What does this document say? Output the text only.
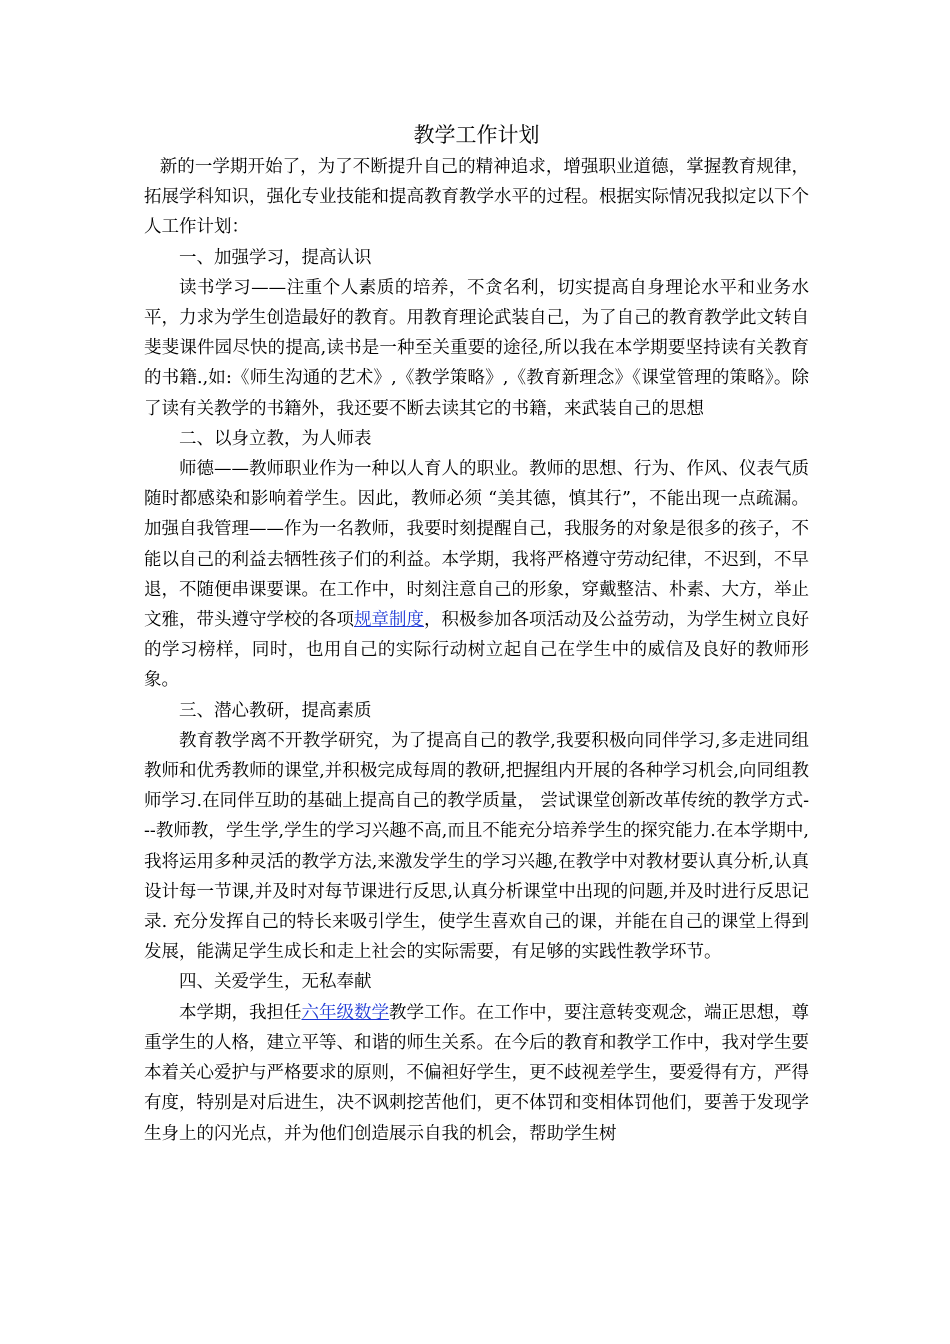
教学工作计划

新的一学期开始了，为了不断提升自己的精神追求，增强职业道德，掌握教育规律，拓展学科知识，强化专业技能和提高教育教学水平的过程。根据实际情况我拟定以下个人工作计划：

一、加强学习，提高认识

读书学习——注重个人素质的培养，不贪名利，切实提高自身理论水平和业务水平，力求为学生创造最好的教育。用教育理论武装自己，为了自己的教育教学此文转自斐斐课件园尽快的提高,读书是一种至关重要的途径,所以我在本学期要坚持读有关教育的书籍.,如:《师生沟通的艺术》,《教学策略》,《教育新理念》《课堂管理的策略》。除了读有关教学的书籍外，我还要不断去读其它的书籍，来武装自己的思想

二、以身立教，为人师表

师德——教师职业作为一种以人育人的职业。教师的思想、行为、作风、仪表气质随时都感染和影响着学生。因此，教师必须 “美其德，慎其行”，不能出现一点疏漏。加强自我管理——作为一名教师，我要时刻提醒自己，我服务的对象是很多的孩子，不能以自己的利益去牺牲孩子们的利益。本学期，我将严格遵守劳动纪律，不迟到，不早退，不随便串课要课。在工作中，时刻注意自己的形象，穿戴整洁、朴素、大方，举止文雅，带头遵守学校的各项规章制度，积极参加各项活动及公益劳动，为学生树立良好的学习榜样，同时，也用自己的实际行动树立起自己在学生中的威信及良好的教师形象。

三、潜心教研，提高素质

教育教学离不开教学研究，为了提高自己的教学,我要积极向同伴学习,多走进同组教师和优秀教师的课堂,并积极完成每周的教研,把握组内开展的各种学习机会,向同组教师学习.在同伴互助的基础上提高自己的教学质量， 尝试课堂创新改革传统的教学方式---教师教，学生学,学生的学习兴趣不高,而且不能充分培养学生的探究能力.在本学期中,我将运用多种灵活的教学方法,来激发学生的学习兴趣,在教学中对教材要认真分析,认真设计每一节课,并及时对每节课进行反思,认真分析课堂中出现的问题,并及时进行反思记录. 充分发挥自己的特长来吸引学生，使学生喜欢自己的课，并能在自己的课堂上得到发展，能满足学生成长和走上社会的实际需要，有足够的实践性教学环节。

四、关爱学生，无私奉献

本学期，我担任六年级数学教学工作。在工作中，要注意转变观念，端正思想，尊重学生的人格，建立平等、和谐的师生关系。在今后的教育和教学工作中，我对学生要本着关心爱护与严格要求的原则，不偏袒好学生，更不歧视差学生，要爱得有方，严得有度，特别是对后进生，决不讽刺挖苦他们，更不体罚和变相体罚他们，要善于发现学生身上的闪光点，并为他们创造展示自我的机会，帮助学生树
